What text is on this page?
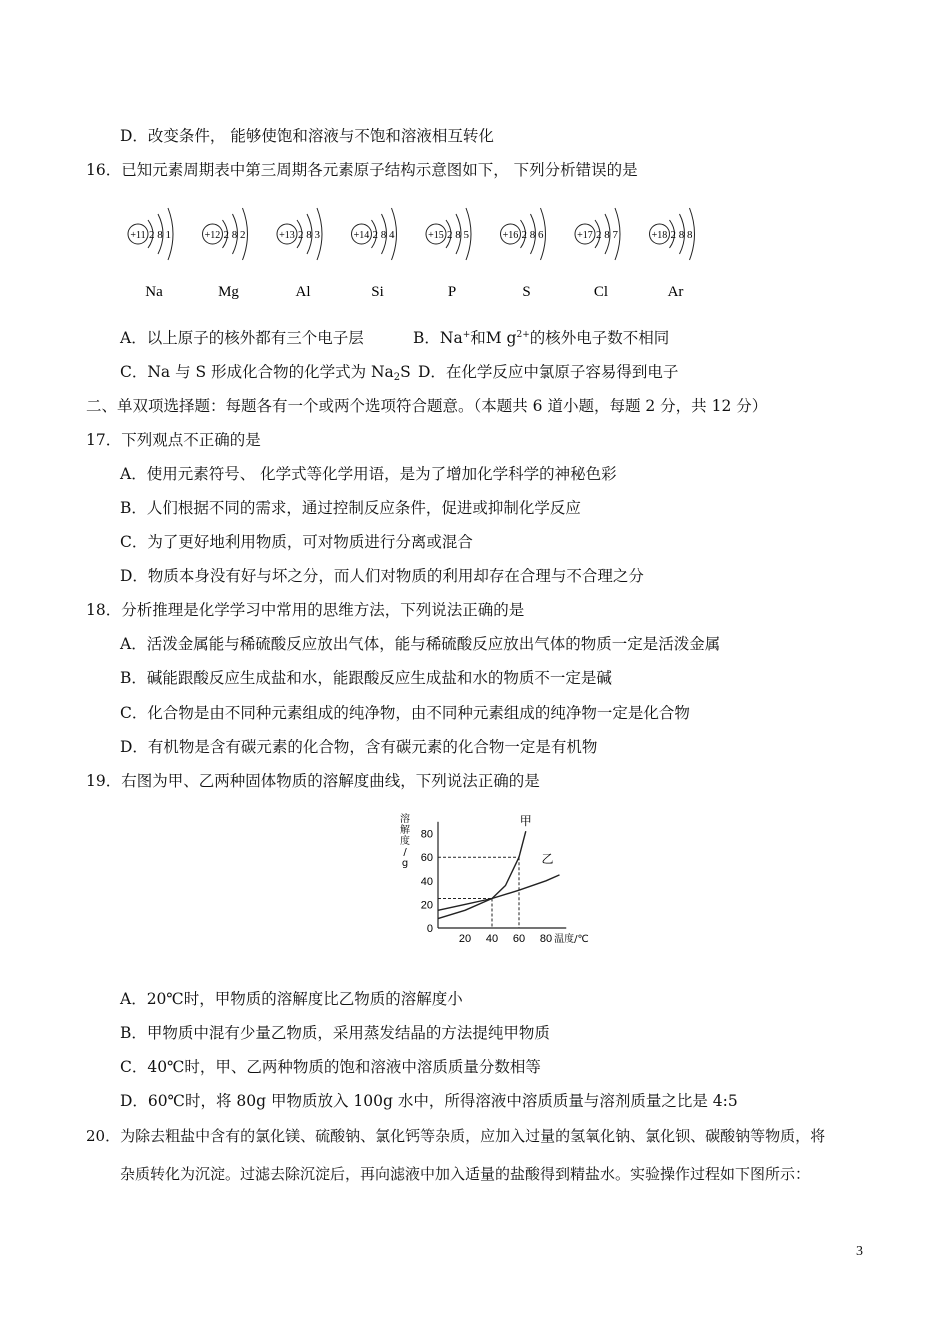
D．改变条件， 能够使饱和溶液与不饱和溶液相互转化
16．已知元素周期表中第三周期各元素原子结构示意图如下， 下列分析错误的是
+11 2 8 1
Na
+12 2 8 2
Mg
+13 2 8 3
Al
+14 2 8 4
Si
+15 2 8 5
P
+16 2 8 6
S
+17 2 8 7
Cl
+18 2 8 8
Ar
A．以上原子的核外都有三个电子层	B．Na+和M $g^{2+}$的核外电子数不相同
C．Na 与 S 形成化合物的化学式为 $Na_2S$ D．在化学反应中氯原子容易得到电子
二、单双项选择题：每题各有一个或两个选项符合题意。（本题共 6 道小题，每题 2 分，共 12 分）
17．下列观点不正确的是
A．使用元素符号、 化学式等化学用语，是为了增加化学科学的神秘色彩
B．人们根据不同的需求，通过控制反应条件，促进或抑制化学反应
C．为了更好地利用物质，可对物质进行分离或混合
D．物质本身没有好与坏之分，而人们对物质的利用却存在合理与不合理之分
18．分析推理是化学学习中常用的思维方法，下列说法正确的是
A．活泼金属能与稀硫酸反应放出气体，能与稀硫酸反应放出气体的物质一定是活泼金属
B．碱能跟酸反应生成盐和水，能跟酸反应生成盐和水的物质不一定是碱
C．化合物是由不同种元素组成的纯净物，由不同种元素组成的纯净物一定是化合物
D．有机物是含有碳元素的化合物，含有碳元素的化合物一定是有机物
19．右图为甲、乙两种固体物质的溶解度曲线，下列说法正确的是
溶
解
度
/
g
0
20
40
60
80
20 40 60 80 温度/℃
甲
乙
A．20℃时，甲物质的溶解度比乙物质的溶解度小
B．甲物质中混有少量乙物质，采用蒸发结晶的方法提纯甲物质
C．40℃时，甲、乙两种物质的饱和溶液中溶质质量分数相等
D．60℃时，将 80g 甲物质放入 100g 水中，所得溶液中溶质质量与溶剂质量之比是 4:5
20．为除去粗盐中含有的氯化镁、硫酸钠、氯化钙等杂质，应加入过量的氢氧化钠、氯化钡、碳酸钠等物质，将
杂质转化为沉淀。过滤去除沉淀后，再向滤液中加入适量的盐酸得到精盐水。实验操作过程如下图所示：
3
